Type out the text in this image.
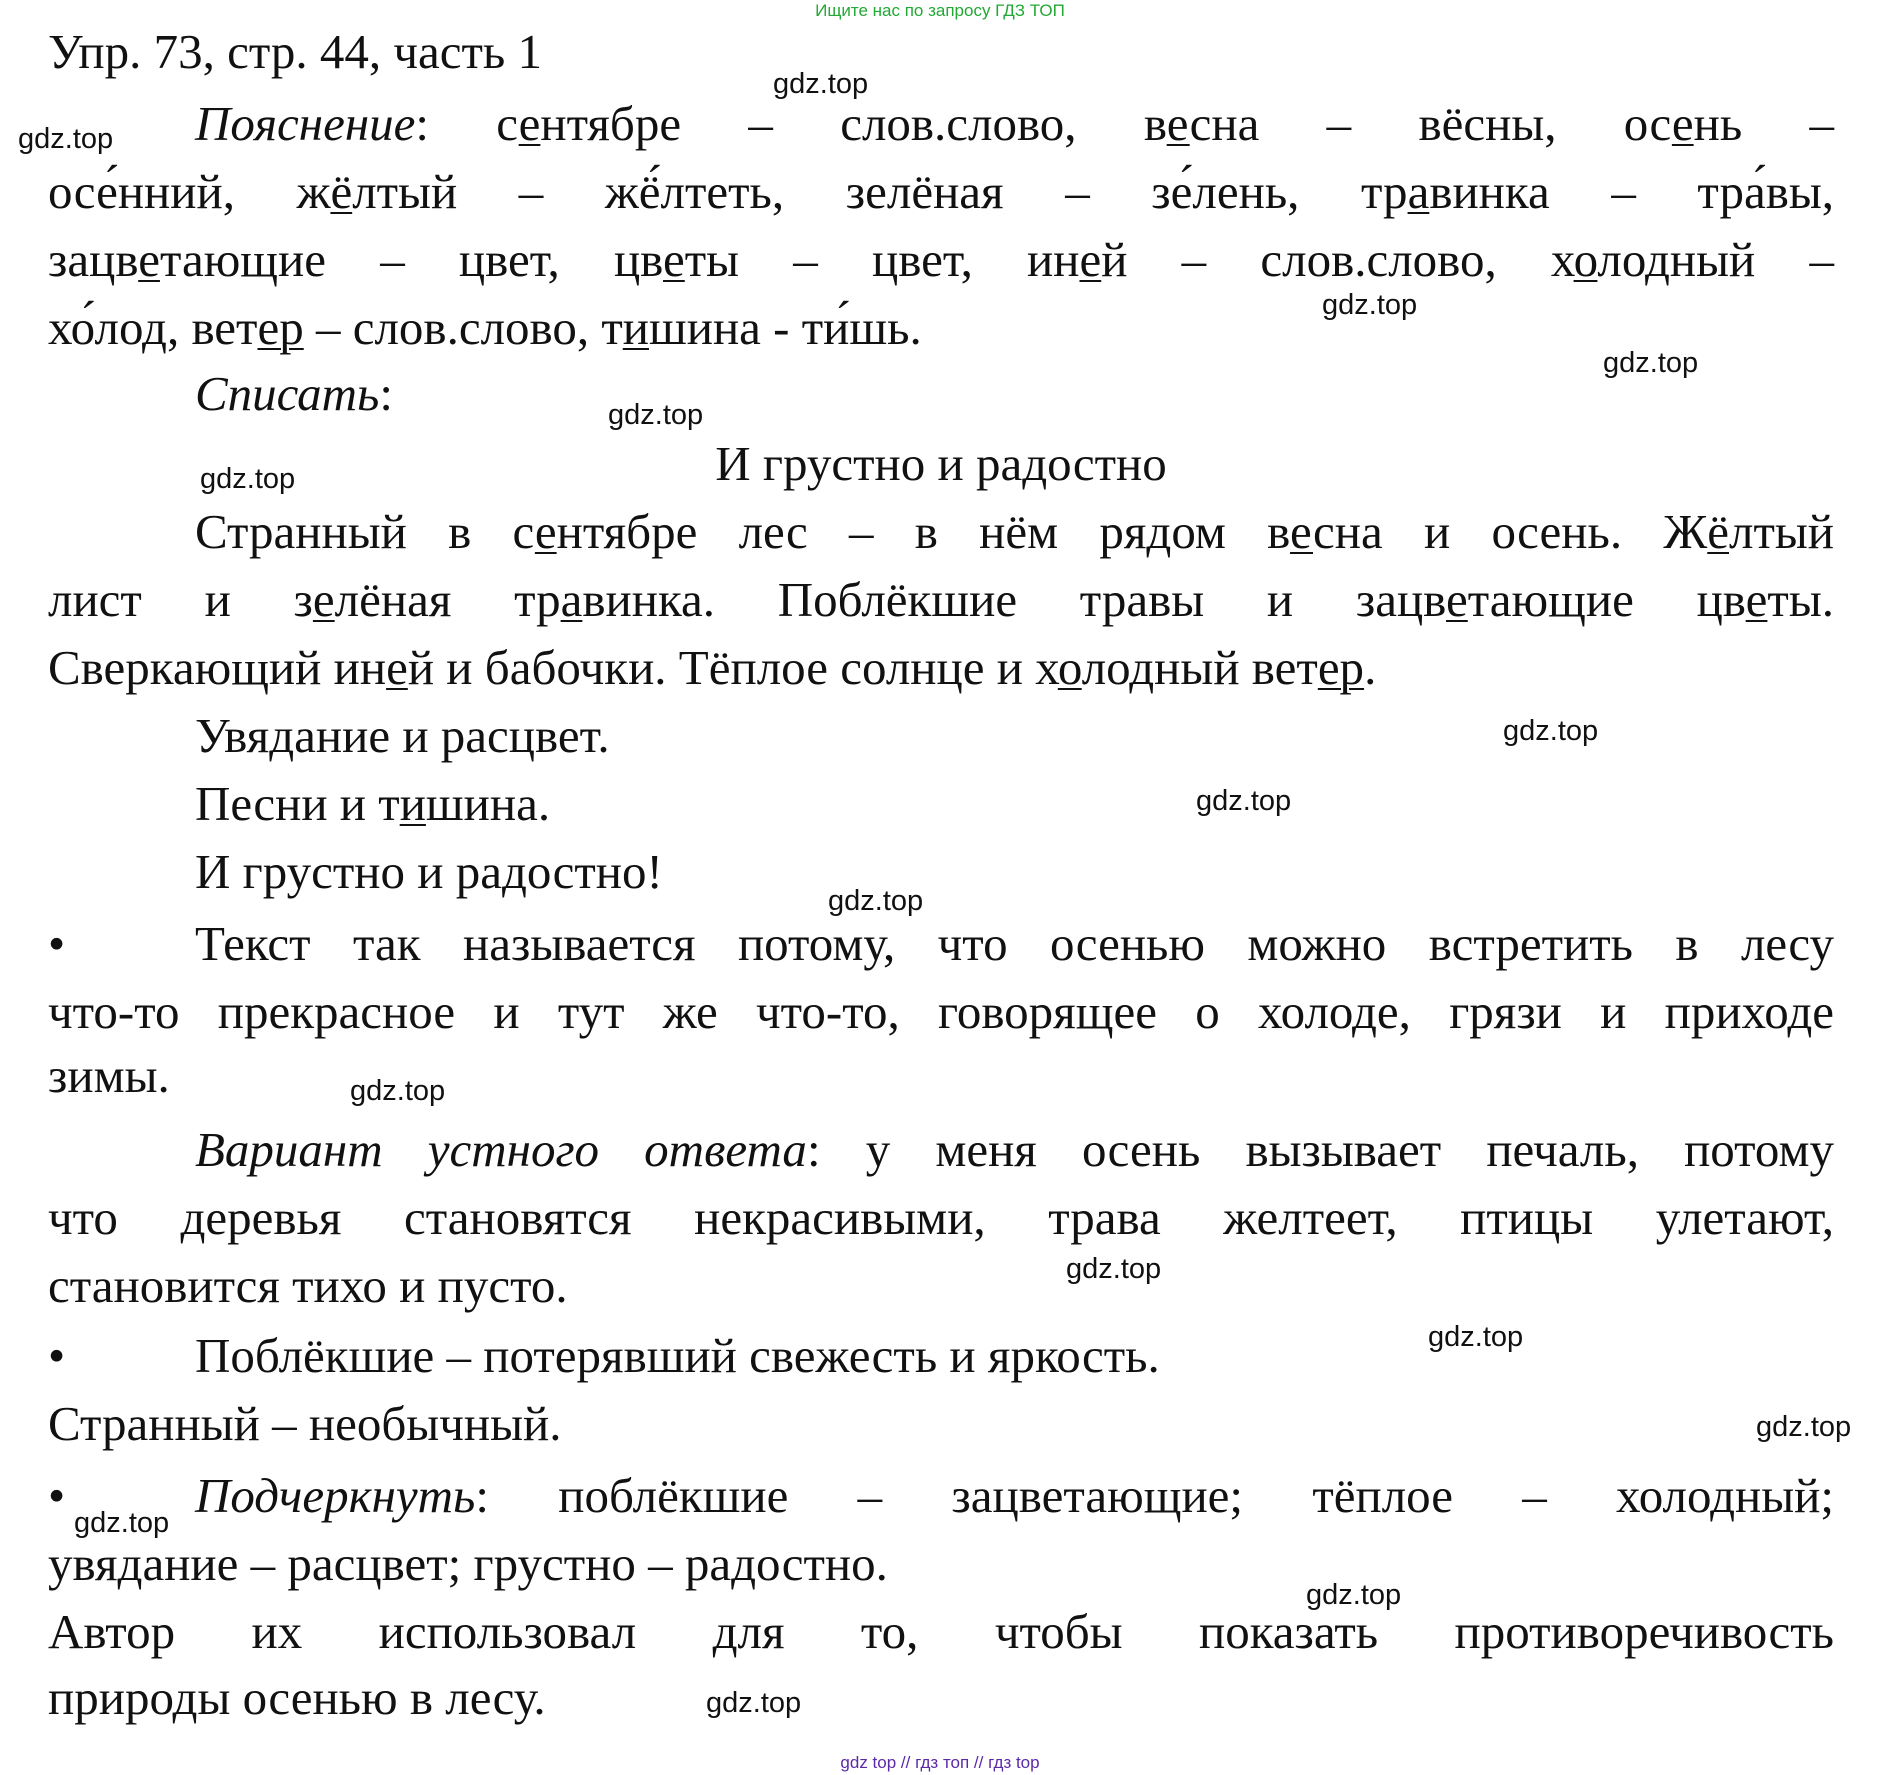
Ищите нас по запросу ГДЗ ТОП
Упр. 73, стр. 44, часть 1
Пояснение: сентябре – слов.слово, весна – вёсны, осень –
осе́нний, жёлтый – жё́лтеть, зелёная – зе́лень, травинка – тра́вы,
зацветающие – цвет, цветы – цвет, иней – слов.слово, холодный –
хо́лод, ветер – слов.слово, тишина - ти́шь.
Списать:
И грустно и радостно
Странный в сентябре лес – в нём рядом весна и осень. Жёлтый
лист и зелёная травинка. Поблёкшие травы и зацветающие цветы.
Сверкающий иней и бабочки. Тёплое солнце и холодный ветер.
Увядание и расцвет.
Песни и тишина.
И грустно и радостно!
•	Текст так называется потому, что осенью можно встретить в лесу
что-то прекрасное и тут же что-то, говорящее о холоде, грязи и приходе
зимы.
Вариант устного ответа: у меня осень вызывает печаль, потому
что деревья становятся некрасивыми, трава желтеет, птицы улетают,
становится тихо и пусто.
•	Поблёкшие – потерявший свежесть и яркость.
Странный – необычный.
•	Подчеркнуть: поблёкшие – зацветающие; тёплое – холодный;
увядание – расцвет; грустно – радостно.
Автор их использовал для то, чтобы показать противоречивость
природы осенью в лесу.
gdz.top
gdz.top
gdz.top
gdz.top
gdz.top
gdz.top
gdz.top
gdz.top
gdz.top
gdz.top
gdz.top
gdz.top
gdz.top
gdz.top
gdz.top
gdz.top
gdz top // гдз топ // гдз top
